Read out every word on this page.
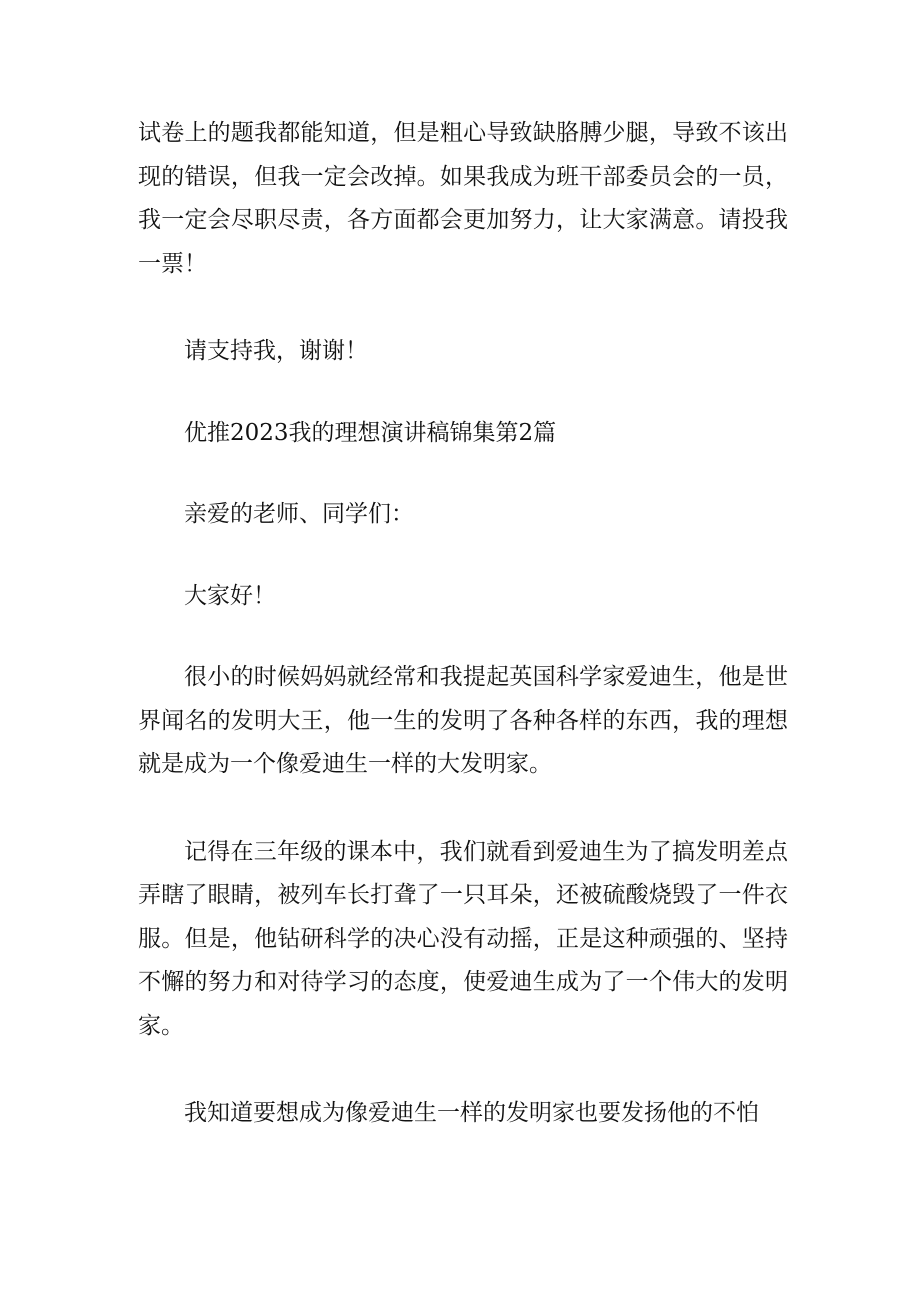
试卷上的题我都能知道，但是粗心导致缺胳膊少腿，导致不该出现的错误，但我一定会改掉。如果我成为班干部委员会的一员，我一定会尽职尽责，各方面都会更加努力，让大家满意。请投我一票！

请支持我，谢谢！

优推2023我的理想演讲稿锦集第2篇

亲爱的老师、同学们：

大家好！

很小的时候妈妈就经常和我提起英国科学家爱迪生，他是世界闻名的发明大王，他一生的发明了各种各样的东西，我的理想就是成为一个像爱迪生一样的大发明家。

记得在三年级的课本中，我们就看到爱迪生为了搞发明差点弄瞎了眼睛，被列车长打聋了一只耳朵，还被硫酸烧毁了一件衣服。但是，他钻研科学的决心没有动摇，正是这种顽强的、坚持不懈的努力和对待学习的态度，使爱迪生成为了一个伟大的发明家。

我知道要想成为像爱迪生一样的发明家也要发扬他的不怕
